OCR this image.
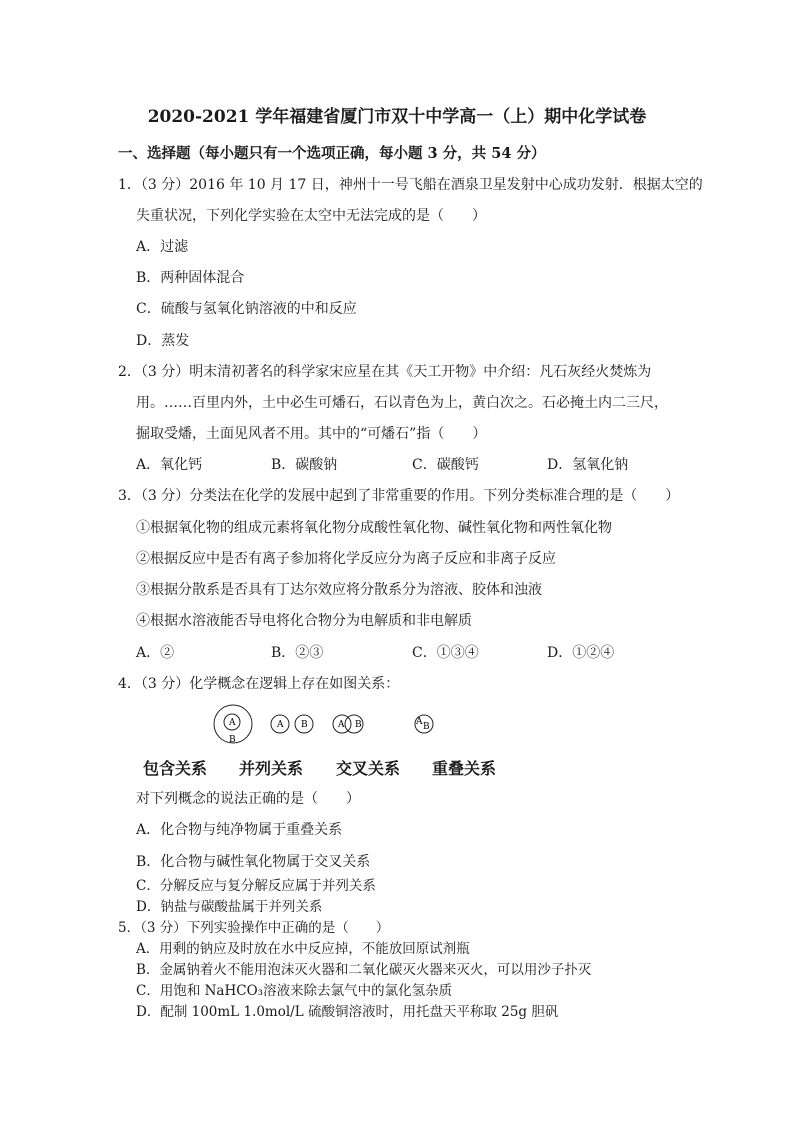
2020-2021 学年福建省厦门市双十中学高一（上）期中化学试卷
一、选择题（每小题只有一个选项正确，每小题 3 分，共 54 分）
1．（3 分）2016 年 10 月 17 日，神州十一号飞船在酒泉卫星发射中心成功发射．根据太空的
失重状况，下列化学实验在太空中无法完成的是（　　）
A．过滤
B．两种固体混合
C．硫酸与氢氧化钠溶液的中和反应
D．蒸发
2．（3 分）明末清初著名的科学家宋应星在其《天工开物》中介绍：凡石灰经火焚炼为
用。……百里内外，土中必生可燔石，石以青色为上，黄白次之。石必掩土内二三尺，
掘取受燔，土面见风者不用。其中的“可燔石”指（　　）
A．氧化钙	B．碳酸钠	C．碳酸钙	D．氢氧化钠
3．（3 分）分类法在化学的发展中起到了非常重要的作用。下列分类标准合理的是（　　）
①根据氧化物的组成元素将氧化物分成酸性氧化物、碱性氧化物和两性氧化物
②根据反应中是否有离子参加将化学反应分为离子反应和非离子反应
③根据分散系是否具有丁达尔效应将分散系分为溶液、胶体和浊液
④根据水溶液能否导电将化合物分为电解质和非电解质
A．②	B．②③	C．①③④	D．①②④
4．（3 分）化学概念在逻辑上存在如图关系：
A
B
A B	A B	A B
包含关系 并列关系 交叉关系 重叠关系
对下列概念的说法正确的是（　　）
A．化合物与纯净物属于重叠关系
B．化合物与碱性氧化物属于交叉关系
C．分解反应与复分解反应属于并列关系
D．钠盐与碳酸盐属于并列关系
5．（3 分）下列实验操作中正确的是（　　）
A．用剩的钠应及时放在水中反应掉，不能放回原试剂瓶
B．金属钠着火不能用泡沫灭火器和二氧化碳灭火器来灭火，可以用沙子扑灭
C．用饱和 NaHCO₃溶液来除去氯气中的氯化氢杂质
D．配制 100mL 1.0mol/L 硫酸铜溶液时，用托盘天平称取 25g 胆矾
